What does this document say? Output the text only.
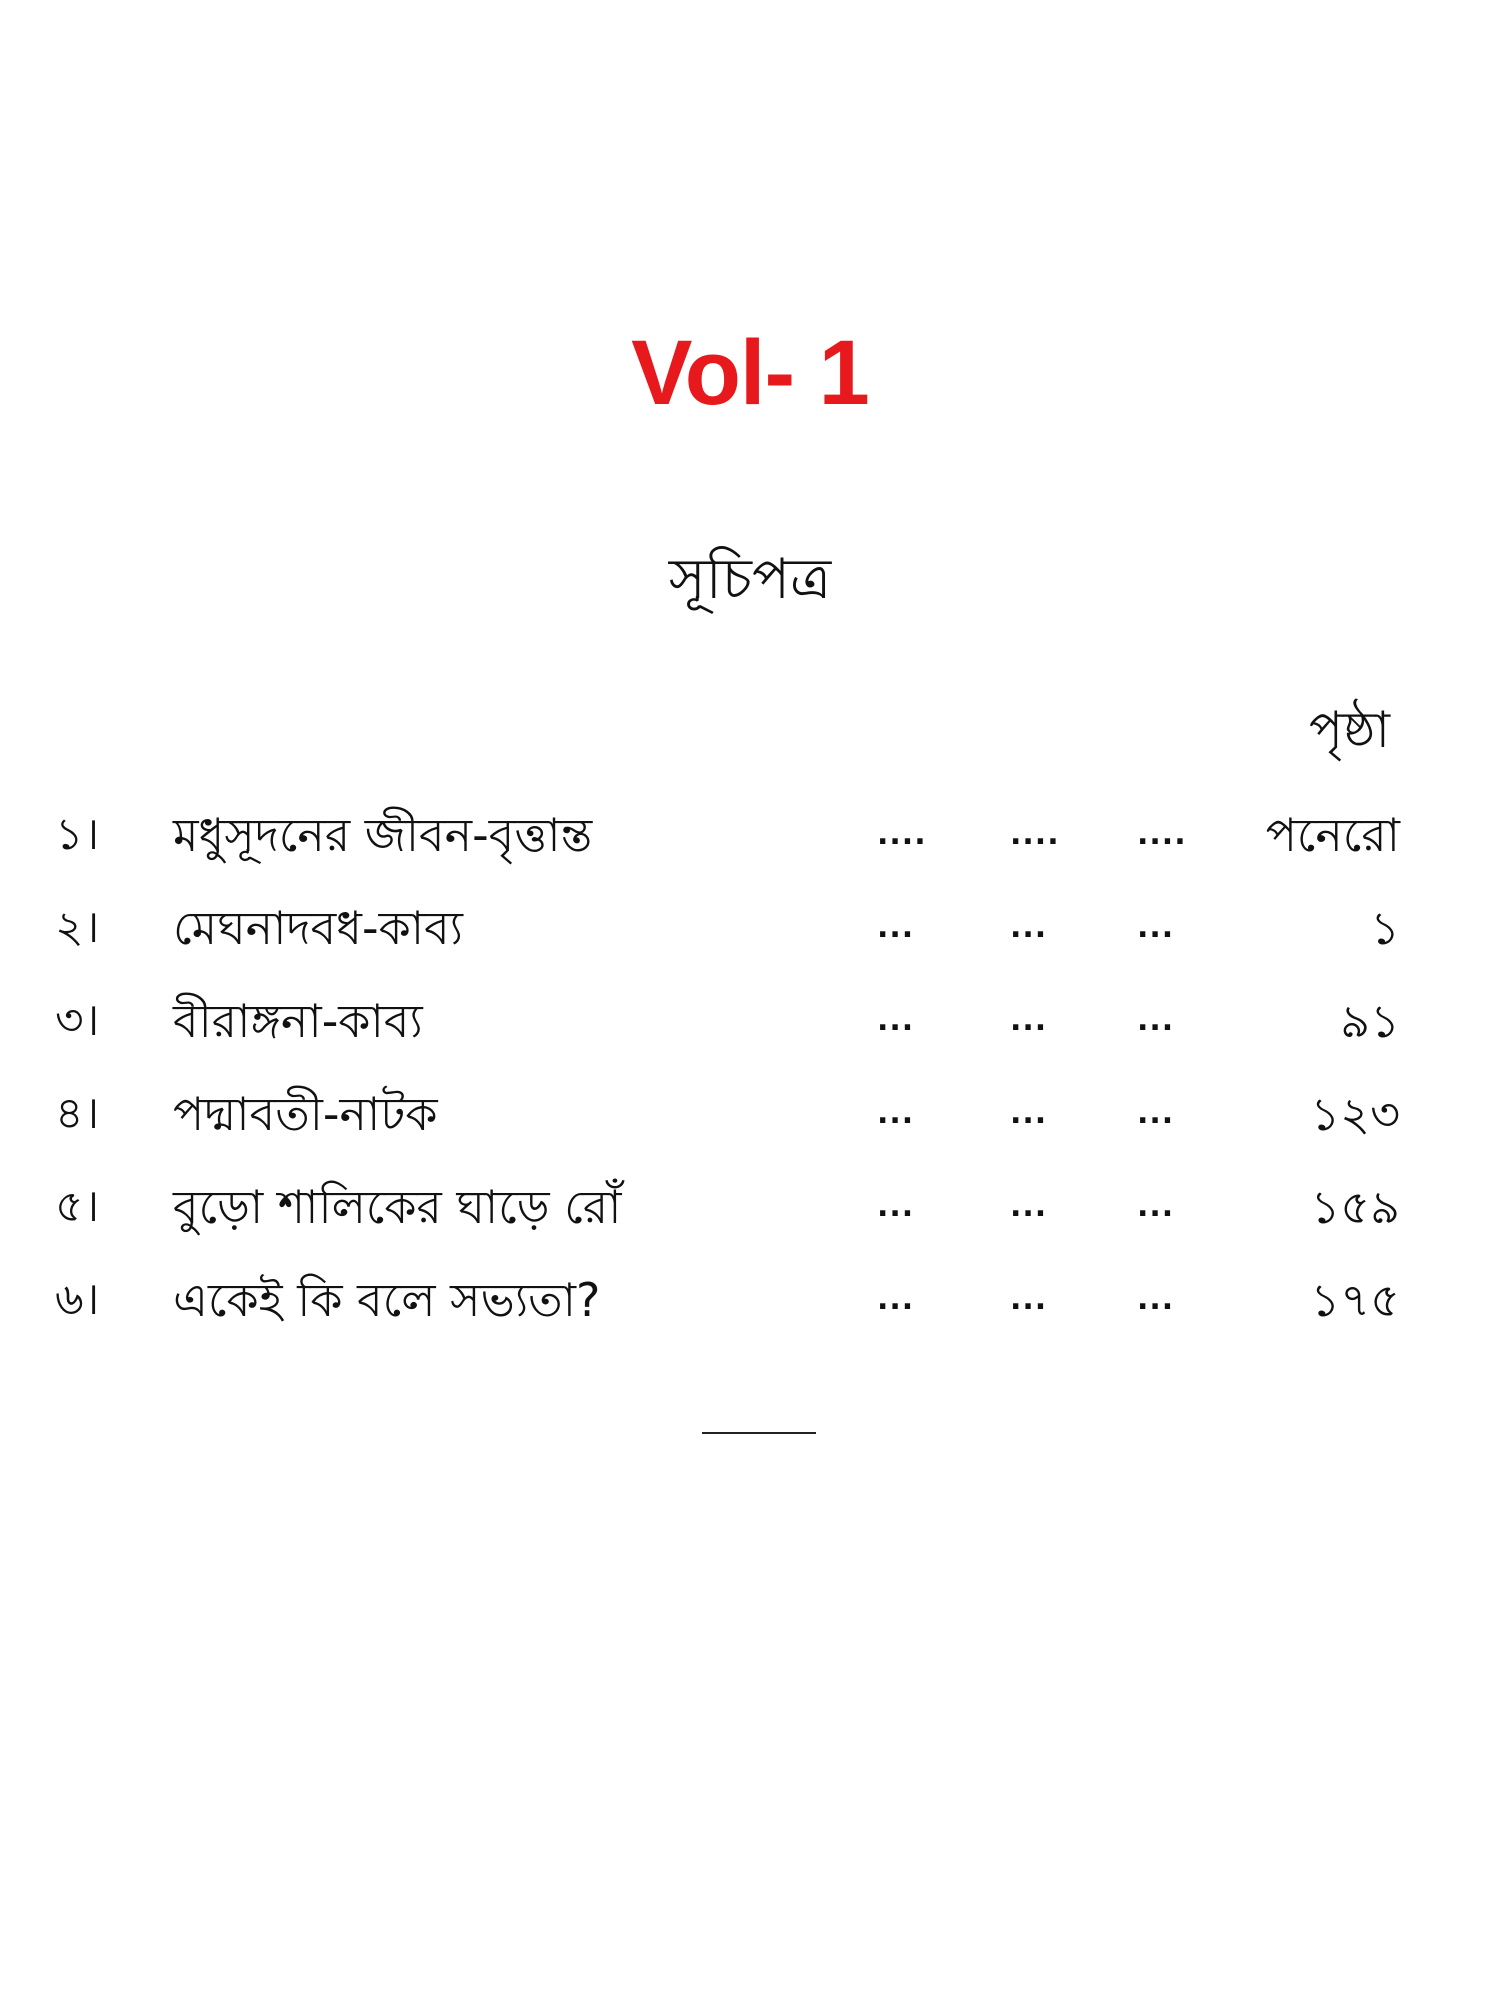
Vol- 1
সূচিপত্র
পৃষ্ঠা
১। মধুসূদনের জীবন-বৃত্তান্ত	....	....	.... পনেরো
২। মেঘনাদবধ-কাব্য	...	...	...	১
৩। বীরাঙ্গনা-কাব্য	...	...	...	৯১
৪। পদ্মাবতী-নাটক	...	...	...	১২৩
৫। বুড়ো শালিকের ঘাড়ে রোঁ	...	...	...	১৫৯
৬। একেই কি বলে সভ্যতা?	...	...	...	১৭৫
